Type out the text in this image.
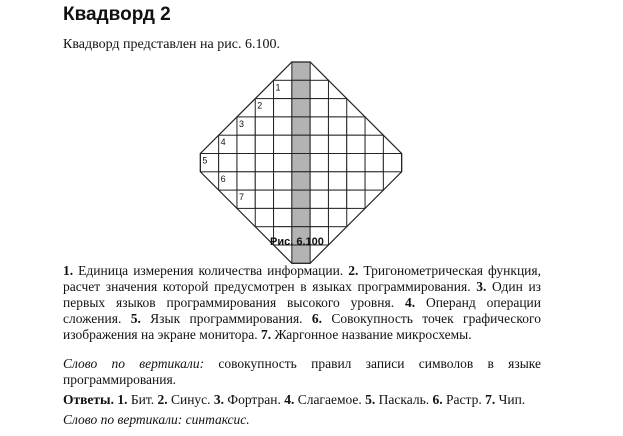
Квадворд 2

Квадворд представлен на рис. 6.100.

1
2
3
4
5
6
7

Рис. 6.100

1. Единица измерения количества информации. 2. Тригонометрическая функция, расчет значения которой предусмотрен в языках программирования. 3. Один из первых языков программирования высокого уровня. 4. Операнд операции сложения. 5. Язык программирования. 6. Совокупность точек графического изображения на экране монитора. 7. Жаргонное название микросхемы.

Слово по вертикали: совокупность правил записи символов в языке программирования.

Ответы. 1. Бит. 2. Синус. 3. Фортран. 4. Слагаемое. 5. Паскаль. 6. Растр. 7. Чип.

Слово по вертикали: синтаксис.
